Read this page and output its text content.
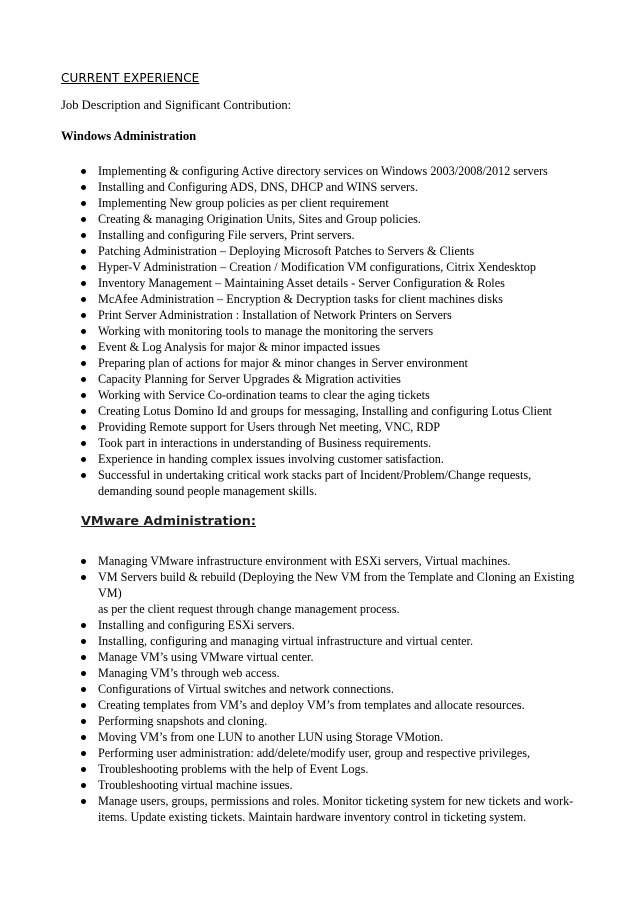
CURRENT EXPERIENCE
Job Description and Significant Contribution:
Windows Administration
Implementing & configuring Active directory services on Windows 2003/2008/2012 servers
Installing and Configuring ADS, DNS, DHCP and WINS servers.
Implementing New group policies as per client requirement
Creating & managing Origination Units, Sites and Group policies.
Installing and configuring File servers, Print servers.
Patching Administration – Deploying Microsoft Patches to Servers & Clients
Hyper-V Administration – Creation / Modification VM configurations, Citrix Xendesktop
Inventory Management – Maintaining Asset details - Server Configuration & Roles
McAfee Administration – Encryption & Decryption tasks for client machines disks
Print Server Administration : Installation of Network Printers on Servers
Working with monitoring tools to manage the monitoring the servers
Event & Log Analysis for major & minor impacted issues
Preparing plan of actions for major & minor changes in Server environment
Capacity Planning for Server Upgrades & Migration activities
Working with Service Co-ordination teams to clear the aging tickets
Creating Lotus Domino Id and groups for messaging, Installing and configuring Lotus Client
Providing Remote support for Users through Net meeting, VNC, RDP
Took part in interactions in understanding of Business requirements.
Experience in handing complex issues involving customer satisfaction.
Successful in undertaking critical work stacks part of Incident/Problem/Change requests,
demanding sound people management skills.
VMware Administration:
Managing VMware infrastructure environment with ESXi servers, Virtual machines.
VM Servers build & rebuild (Deploying the New VM from the Template and Cloning an Existing VM)
as per the client request through change management process.
Installing and configuring ESXi servers.
Installing, configuring and managing virtual infrastructure and virtual center.
Manage VM’s using VMware virtual center.
Managing VM’s through web access.
Configurations of Virtual switches and network connections.
Creating templates from VM’s and deploy VM’s from templates and allocate resources.
Performing snapshots and cloning.
Moving VM’s from one LUN to another LUN using Storage VMotion.
Performing user administration: add/delete/modify user, group and respective privileges,
Troubleshooting problems with the help of Event Logs.
Troubleshooting virtual machine issues.
Manage users, groups, permissions and roles. Monitor ticketing system for new tickets and work-
items. Update existing tickets. Maintain hardware inventory control in ticketing system.
